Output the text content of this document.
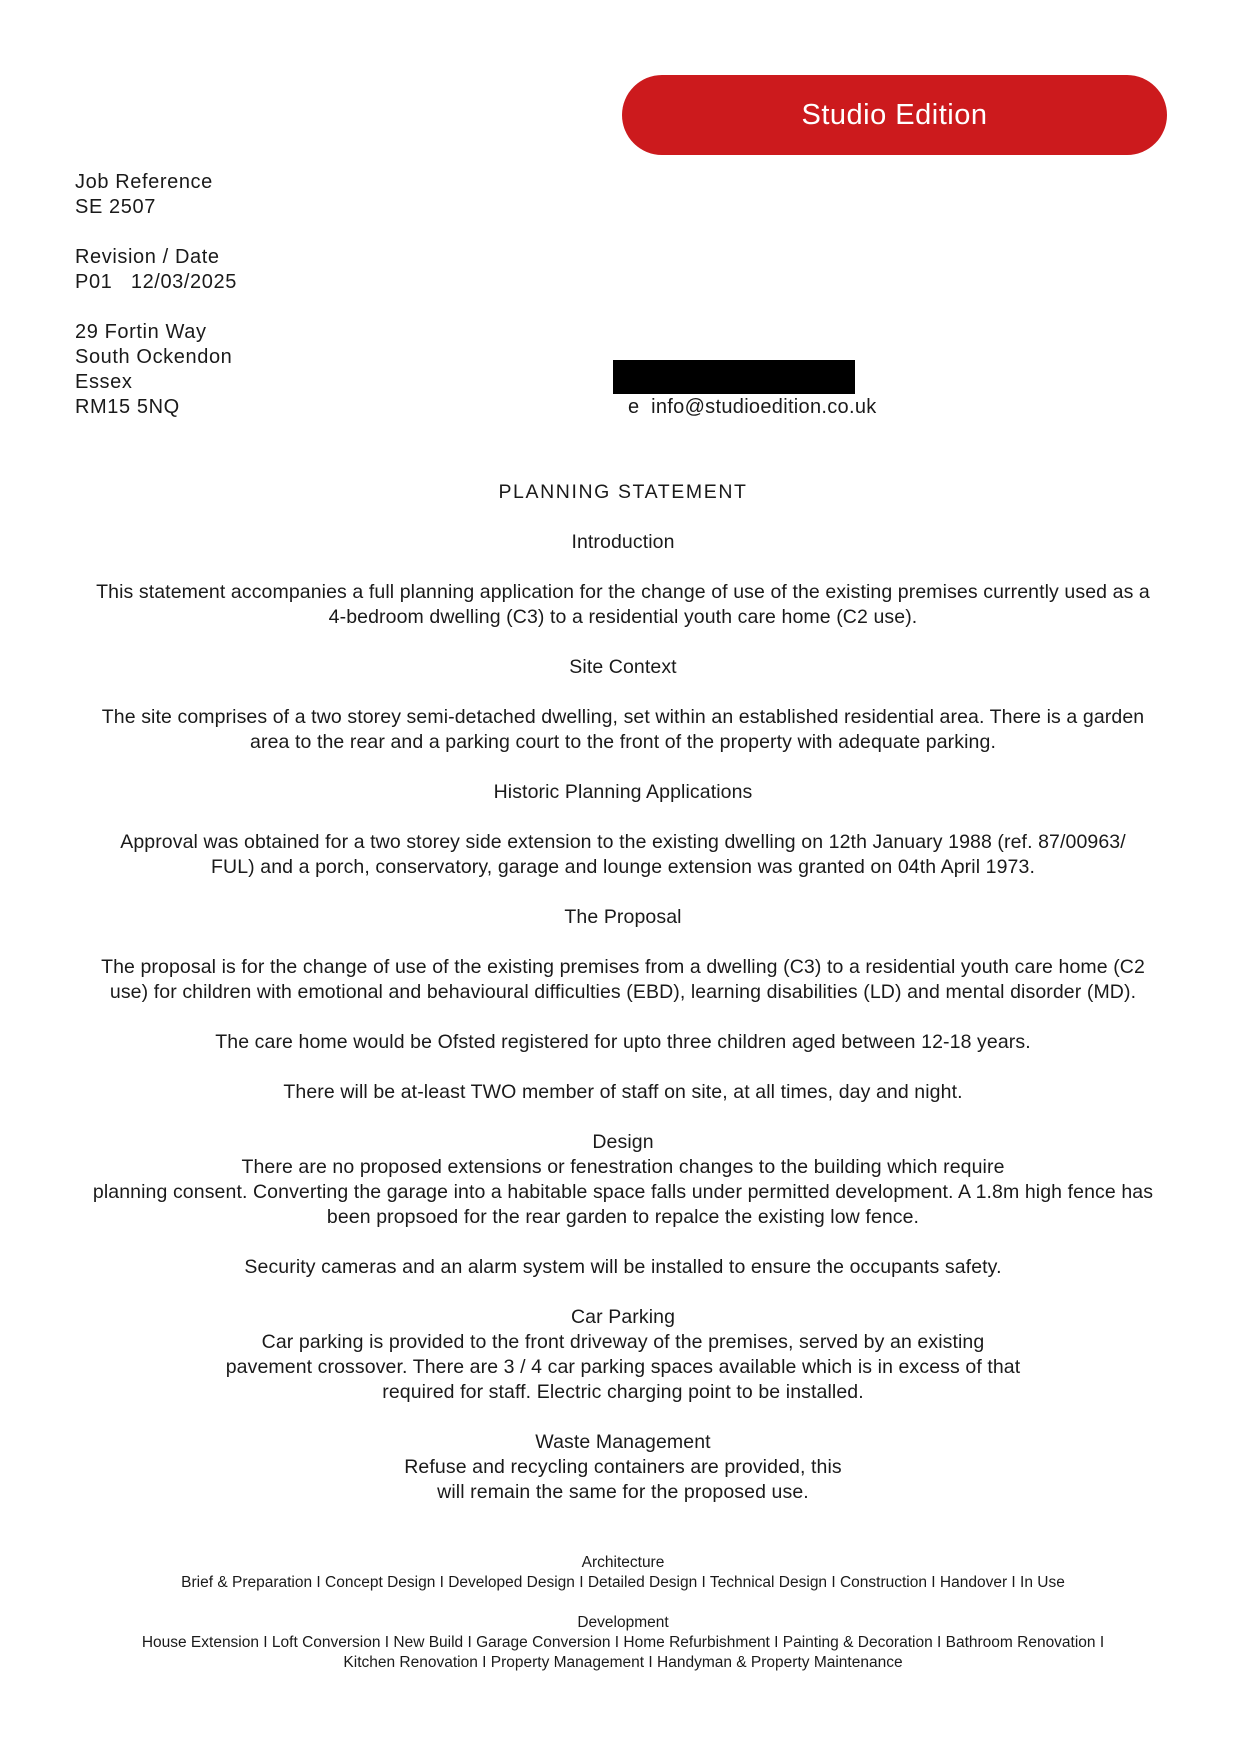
Studio Edition
Job Reference
SE 2507
Revision / Date
P01   12/03/2025
29 Fortin Way
South Ockendon
Essex
RM15 5NQ	e  info@studioedition.co.uk

PLANNING STATEMENT

Introduction

This statement accompanies a full planning application for the change of use of the existing premises currently used as a
4-bedroom dwelling (C3) to a residential youth care home (C2 use).

Site Context

The site comprises of a two storey semi-detached dwelling, set within an established residential area. There is a garden
area to the rear and a parking court to the front of the property with adequate parking.

Historic Planning Applications

Approval was obtained for a two storey side extension to the existing dwelling on 12th January 1988 (ref. 87/00963/
FUL) and a porch, conservatory, garage and lounge extension was granted on 04th April 1973.

The Proposal

The proposal is for the change of use of the existing premises from a dwelling (C3) to a residential youth care home (C2
use) for children with emotional and behavioural difficulties (EBD), learning disabilities (LD) and mental disorder (MD).

The care home would be Ofsted registered for upto three children aged between 12-18 years.

There will be at-least TWO member of staff on site, at all times, day and night.

Design
There are no proposed extensions or fenestration changes to the building which require
planning consent. Converting the garage into a habitable space falls under permitted development. A 1.8m high fence has
been propsoed for the rear garden to repalce the existing low fence.

Security cameras and an alarm system will be installed to ensure the occupants safety.

Car Parking
Car parking is provided to the front driveway of the premises, served by an existing
pavement crossover. There are 3 / 4 car parking spaces available which is in excess of that
required for staff. Electric charging point to be installed.

Waste Management
Refuse and recycling containers are provided, this
will remain the same for the proposed use.

Architecture
Brief & Preparation I Concept Design I Developed Design I Detailed Design I Technical Design I Construction I Handover I In Use
Development
House Extension I Loft Conversion I New Build I Garage Conversion I Home Refurbishment I Painting & Decoration I Bathroom Renovation I
Kitchen Renovation I Property Management I Handyman & Property Maintenance
